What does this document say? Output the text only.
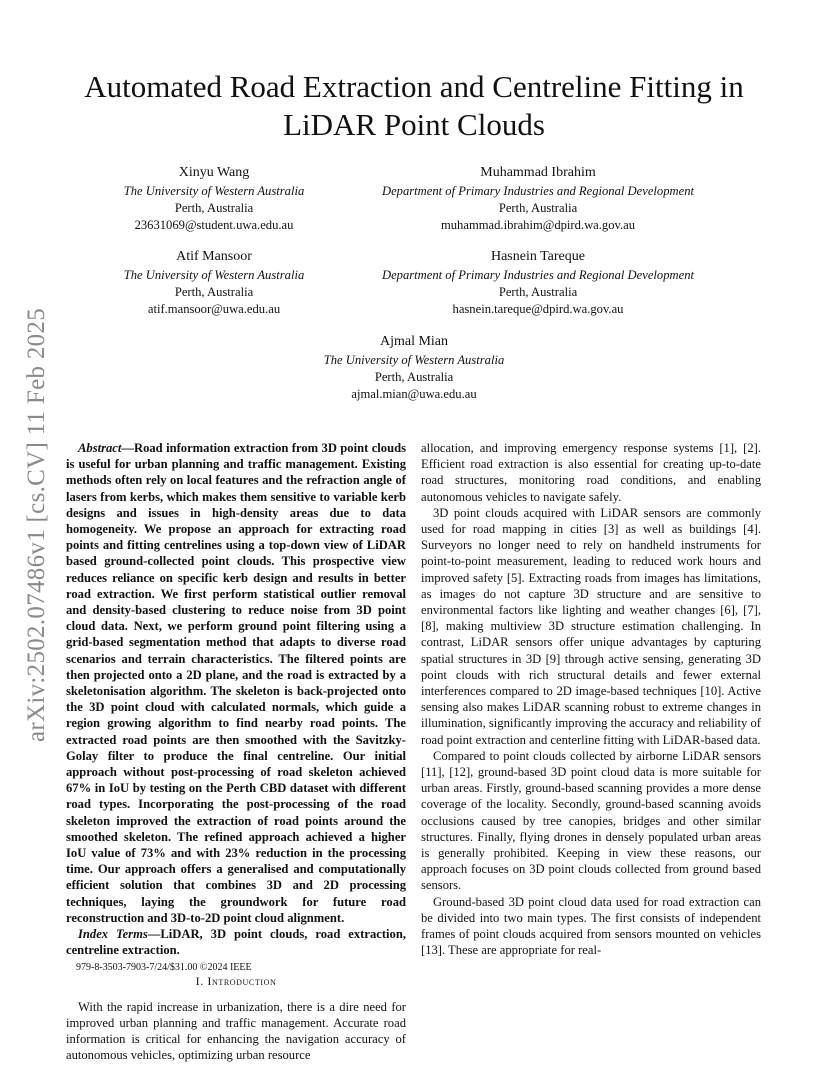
arXiv:2502.07486v1 [cs.CV] 11 Feb 2025
Automated Road Extraction and Centreline Fitting in LiDAR Point Clouds
Xinyu Wang
The University of Western Australia
Perth, Australia
23631069@student.uwa.edu.au
Muhammad Ibrahim
Department of Primary Industries and Regional Development
Perth, Australia
muhammad.ibrahim@dpird.wa.gov.au
Atif Mansoor
The University of Western Australia
Perth, Australia
atif.mansoor@uwa.edu.au
Hasnein Tareque
Department of Primary Industries and Regional Development
Perth, Australia
hasnein.tareque@dpird.wa.gov.au
Ajmal Mian
The University of Western Australia
Perth, Australia
ajmal.mian@uwa.edu.au

Abstract—Road information extraction from 3D point clouds is useful for urban planning and traffic management. Existing methods often rely on local features and the refraction angle of lasers from kerbs, which makes them sensitive to variable kerb designs and issues in high-density areas due to data homogeneity. We propose an approach for extracting road points and fitting centrelines using a top-down view of LiDAR based ground-collected point clouds. This prospective view reduces reliance on specific kerb design and results in better road extraction. We first perform statistical outlier removal and density-based clustering to reduce noise from 3D point cloud data. Next, we perform ground point filtering using a grid-based segmentation method that adapts to diverse road scenarios and terrain characteristics. The filtered points are then projected onto a 2D plane, and the road is extracted by a skeletonisation algorithm. The skeleton is back-projected onto the 3D point cloud with calculated normals, which guide a region growing algorithm to find nearby road points. The extracted road points are then smoothed with the Savitzky-Golay filter to produce the final centreline. Our initial approach without post-processing of road skeleton achieved 67% in IoU by testing on the Perth CBD dataset with different road types. Incorporating the post-processing of the road skeleton improved the extraction of road points around the smoothed skeleton. The refined approach achieved a higher IoU value of 73% and with 23% reduction in the processing time. Our approach offers a generalised and computationally efficient solution that combines 3D and 2D processing techniques, laying the groundwork for future road reconstruction and 3D-to-2D point cloud alignment.

Index Terms—LiDAR, 3D point clouds, road extraction, centreline extraction.

I. Introduction

With the rapid increase in urbanization, there is a dire need for improved urban planning and traffic management. Accurate road information is critical for enhancing the navigation accuracy of autonomous vehicles, optimizing urban resource

allocation, and improving emergency response systems [1], [2]. Efficient road extraction is also essential for creating up-to-date road structures, monitoring road conditions, and enabling autonomous vehicles to navigate safely.

3D point clouds acquired with LiDAR sensors are commonly used for road mapping in cities [3] as well as buildings [4]. Surveyors no longer need to rely on handheld instruments for point-to-point measurement, leading to reduced work hours and improved safety [5]. Extracting roads from images has limitations, as images do not capture 3D structure and are sensitive to environmental factors like lighting and weather changes [6], [7], [8], making multiview 3D structure estimation challenging. In contrast, LiDAR sensors offer unique advantages by capturing spatial structures in 3D [9] through active sensing, generating 3D point clouds with rich structural details and fewer external interferences compared to 2D image-based techniques [10]. Active sensing also makes LiDAR scanning robust to extreme changes in illumination, significantly improving the accuracy and reliability of road point extraction and centerline fitting with LiDAR-based data.

Compared to point clouds collected by airborne LiDAR sensors [11], [12], ground-based 3D point cloud data is more suitable for urban areas. Firstly, ground-based scanning provides a more dense coverage of the locality. Secondly, ground-based scanning avoids occlusions caused by tree canopies, bridges and other similar structures. Finally, flying drones in densely populated urban areas is generally prohibited. Keeping in view these reasons, our approach focuses on 3D point clouds collected from ground based sensors.

Ground-based 3D point cloud data used for road extraction can be divided into two main types. The first consists of independent frames of point clouds acquired from sensors mounted on vehicles [13]. These are appropriate for real-

979-8-3503-7903-7/24/$31.00 ©2024 IEEE
